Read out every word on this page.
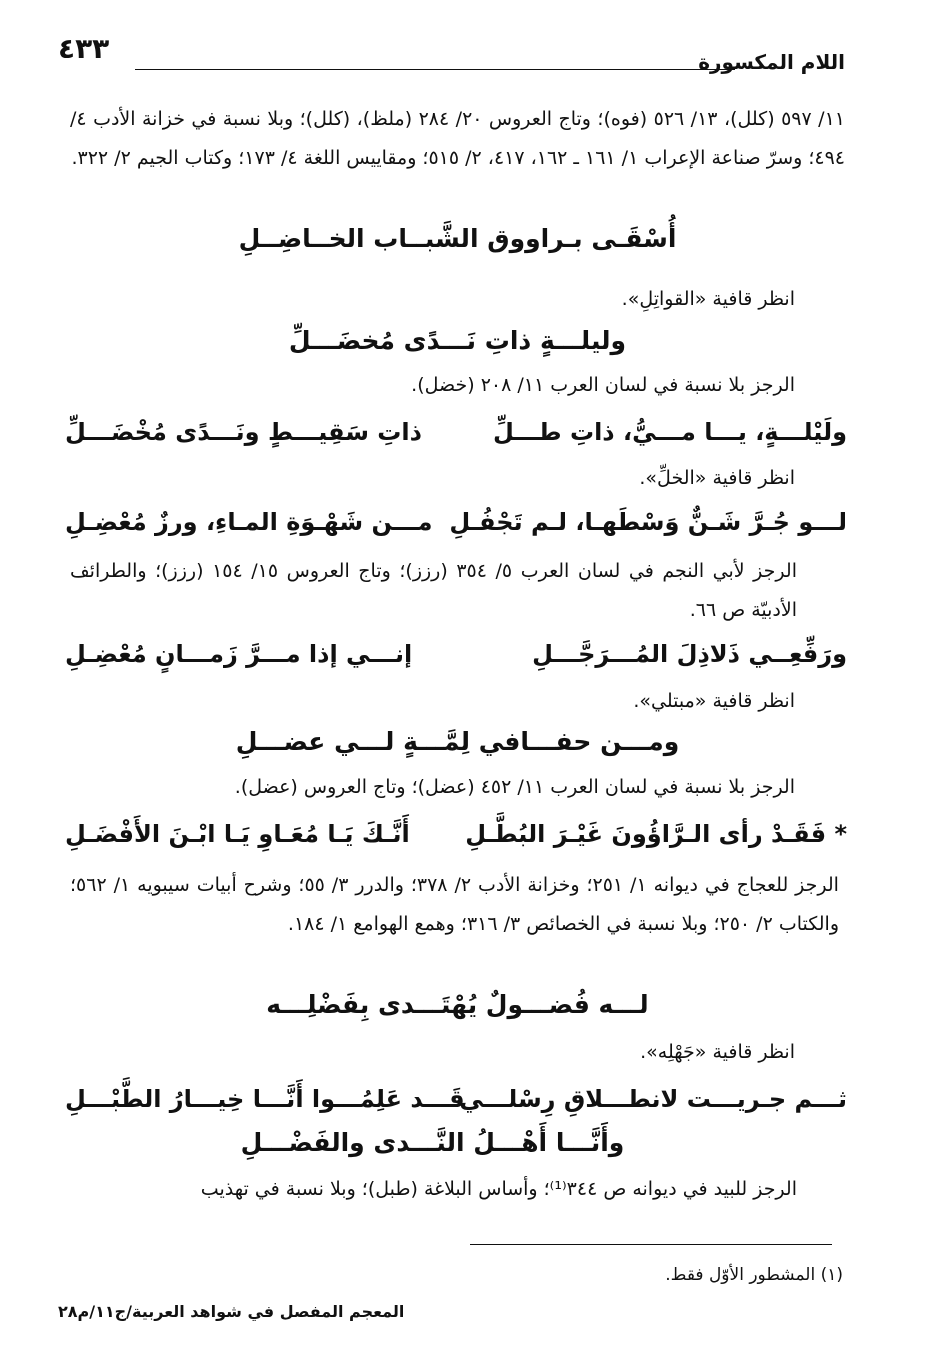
اللام المكسورة
٤٣٣
١١/ ٥٩٧ (كلل)، ١٣/ ٥٢٦ (فوه)؛ وتاج العروس ٢٠/ ٢٨٤ (ملظ)، (كلل)؛ وبلا نسبة في خزانة الأدب ٤/ ٤٩٤؛ وسرّ صناعة الإعراب ١/ ١٦١ ـ ١٦٢، ٤١٧، ٢/ ٥١٥؛ ومقاييس اللغة ٤/ ١٧٣؛ وكتاب الجيم ٢/ ٣٢٢.
أُسْقَـى بـراووق الشَّبــاب الخــاضِــلِ
انظر قافية «القواتِلِ».
وليلـــةٍ ذاتِ نَـــدًى مُخضَـــلِّ
الرجز بلا نسبة في لسان العرب ١١/ ٢٠٨ (خضل).
ولَيْلـــةٍ، يـــا مـــيُّ، ذاتِ طـــلِّ
ذاتِ سَقِيـــطٍ ونَـــدًى مُخْضَـــلِّ
انظر قافية «الخلِّ».
لـــو جُـرَّ شَـنٌّ وَسْطَهـا، لـم تَجْفُـلِ
مـــن شَهْـوَةِ المـاءِ، ورزٌ مُعْضِـلِ
الرجز لأبي النجم في لسان العرب ٥/ ٣٥٤ (رزز)؛ وتاج العروس ١٥/ ١٥٤ (رزز)؛ والطرائف الأدبيّة ص ٦٦.
ورَفِّعِــي ذَلاذِلَ المُـــرَجَّـــلِ
إنـــي إذا مـــرَّ زَمـــانٍ مُعْضِـلِ
انظر قافية «مبتلي».
ومـــن حفـــافي لِمَّـــةٍ لـــي عضـــلِ
الرجز بلا نسبة في لسان العرب ١١/ ٤٥٢ (عضل)؛ وتاج العروس (عضل).
* فَقَـدْ رأى الـرَّاؤُونَ غَيْـرَ البُطَّـلِ
أَنَّـكَ يَـا مُعَـاوِ يَـا ابْـنَ الأَفْضَـلِ
الرجز للعجاج في ديوانه ١/ ٢٥١؛ وخزانة الأدب ٢/ ٣٧٨؛ والدرر ٣/ ٥٥؛ وشرح أبيات سيبويه ١/ ٥٦٢؛ والكتاب ٢/ ٢٥٠؛ وبلا نسبة في الخصائص ٣/ ٣١٦؛ وهمع الهوامع ١/ ١٨٤.
لـــه فُضـــولٌ يُهْتَـــدى بِفَضْلِـــه
انظر قافية «جَهْلِه».
ثـــم جـريـــت لانطـــلاقِ رِسْلـــي
قَـــد عَلِمُـــوا أَنَّـــا خِيـــارُ الطَّبْـــلِ
وأَنَّـــا أَهْـــلُ النَّـــدى والفَضْـــلِ
الرجز للبيد في ديوانه ص ٣٤٤⁽¹⁾؛ وأساس البلاغة (طبل)؛ وبلا نسبة في تهذيب
(١) المشطور الأوّل فقط.
المعجم المفصل في شواهد العربية/ج١١/م٢٨
